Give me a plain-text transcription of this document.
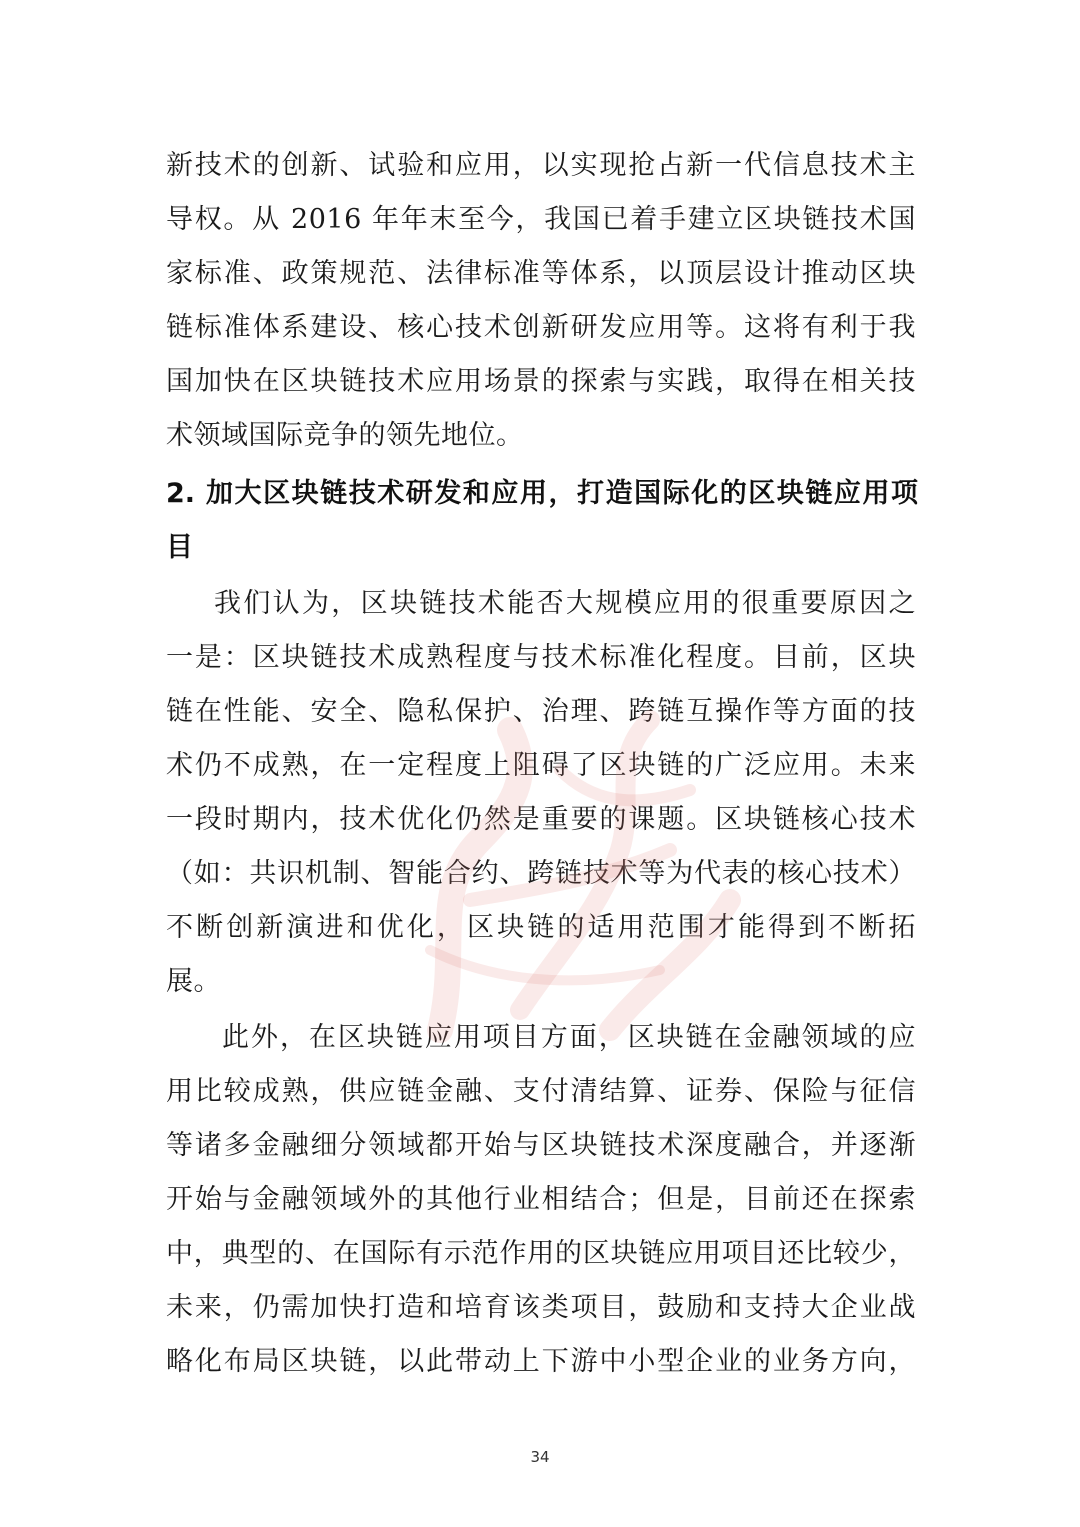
新技术的创新、试验和应用，以实现抢占新一代信息技术主
导权。从 2016 年年末至今，我国已着手建立区块链技术国
家标准、政策规范、法律标准等体系，以顶层设计推动区块
链标准体系建设、核心技术创新研发应用等。这将有利于我
国加快在区块链技术应用场景的探索与实践，取得在相关技
术领域国际竞争的领先地位。
2. 加大区块链技术研发和应用，打造国际化的区块链应用项
目
我们认为，区块链技术能否大规模应用的很重要原因之
一是：区块链技术成熟程度与技术标准化程度。目前，区块
链在性能、安全、隐私保护、治理、跨链互操作等方面的技
术仍不成熟，在一定程度上阻碍了区块链的广泛应用。未来
一段时期内，技术优化仍然是重要的课题。区块链核心技术
（如：共识机制、智能合约、跨链技术等为代表的核心技术）
不断创新演进和优化，区块链的适用范围才能得到不断拓
展。
此外，在区块链应用项目方面，区块链在金融领域的应
用比较成熟，供应链金融、支付清结算、证券、保险与征信
等诸多金融细分领域都开始与区块链技术深度融合，并逐渐
开始与金融领域外的其他行业相结合；但是，目前还在探索
中，典型的、在国际有示范作用的区块链应用项目还比较少，
未来，仍需加快打造和培育该类项目，鼓励和支持大企业战
略化布局区块链，以此带动上下游中小型企业的业务方向，
34
